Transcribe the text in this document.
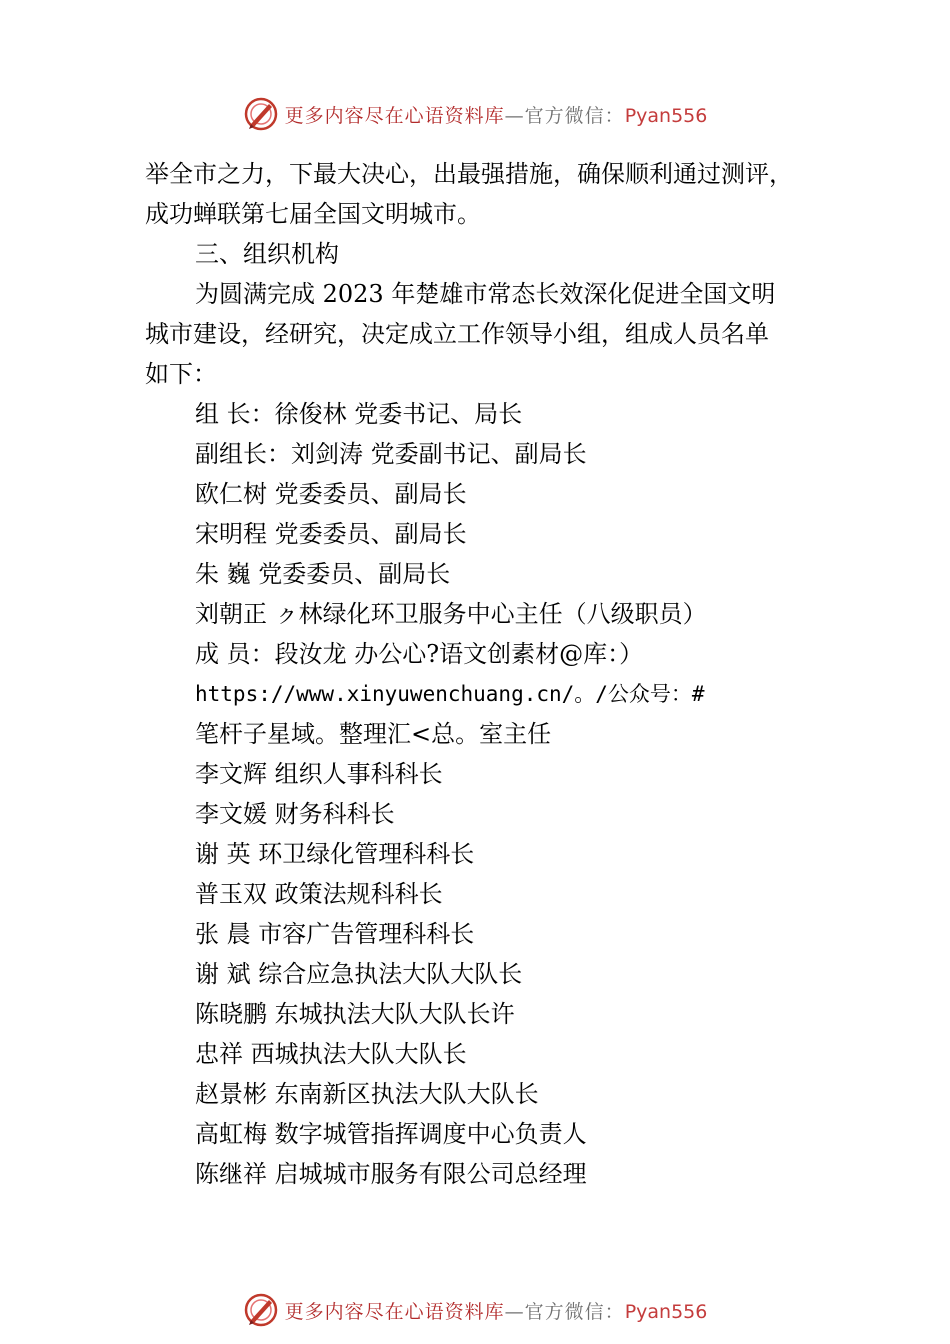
更多内容尽在心语资料库—官方微信：Pyan556

举全市之力，下最大决心，出最强措施，确保顺利通过测评，

成功蝉联第七届全国文明城市。

三、组织机构

为圆满完成 2023 年楚雄市常态长效深化促进全国文明

城市建设，经研究，决定成立工作领导小组，组成人员名单

如下：

组 长：徐俊林 党委书记、局长

副组长：刘剑涛 党委副书记、副局长

欧仁树 党委委员、副局长

宋明程 党委委员、副局长

朱 巍 党委委员、副局长

刘朝正 ㇰ林绿化环卫服务中心主任（八级职员）

成 员：段汝龙 办公心?语文创素材@库：）

https://www.xinyuwenchuang.cn/。/公众号：#

笔杆子星域。整理汇<总。室主任

李文辉 组织人事科科长

李文媛 财务科科长

谢 英 环卫绿化管理科科长

普玉双 政策法规科科长

张 晨 市容广告管理科科长

谢 斌 综合应急执法大队大队长

陈晓鹏 东城执法大队大队长许

忠祥 西城执法大队大队长

赵景彬 东南新区执法大队大队长

高虹梅 数字城管指挥调度中心负责人

陈继祥 启城城市服务有限公司总经理

更多内容尽在心语资料库—官方微信：Pyan556
